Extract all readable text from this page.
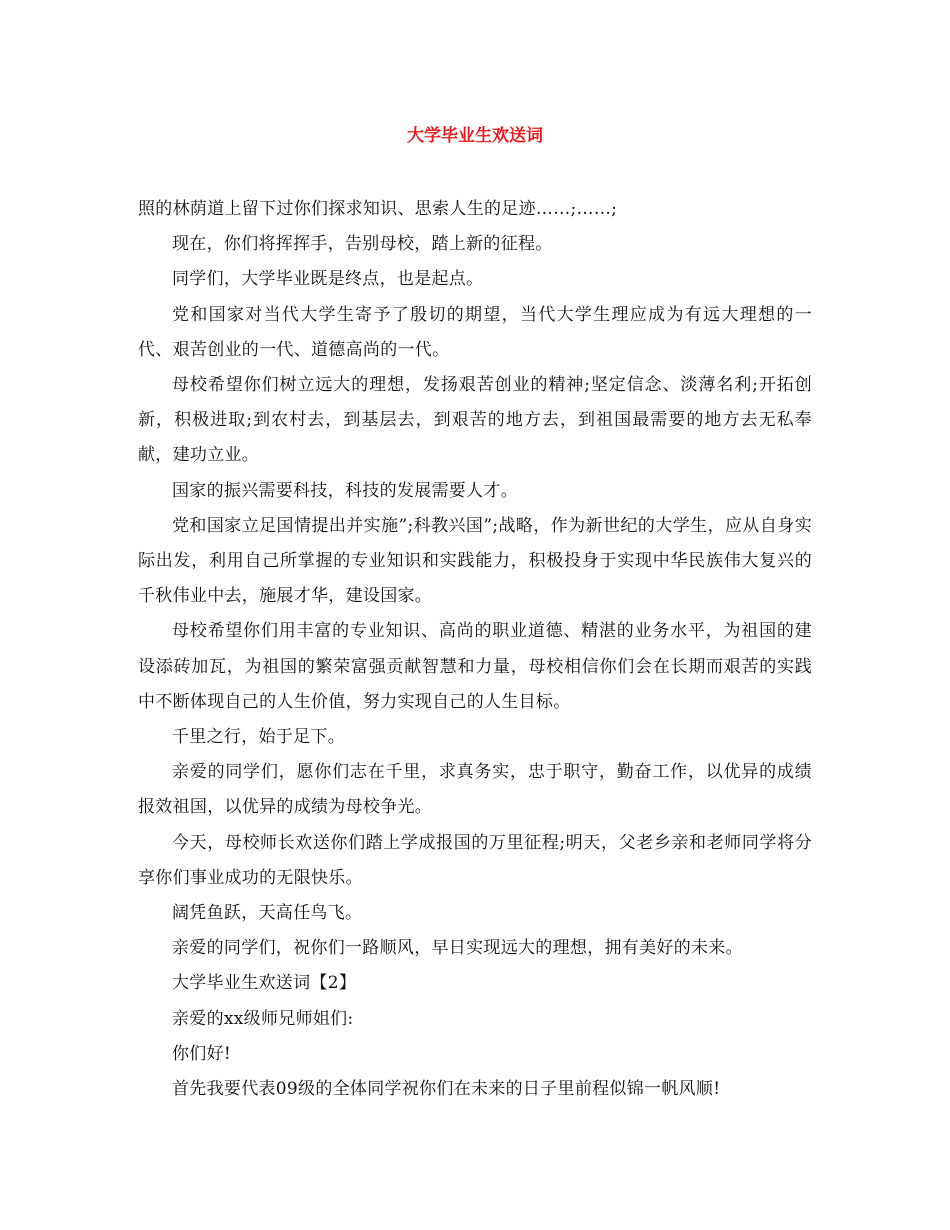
大学毕业生欢送词

照的林荫道上留下过你们探求知识、思索人生的足迹……;……;

现在，你们将挥挥手，告别母校，踏上新的征程。

同学们，大学毕业既是终点，也是起点。

党和国家对当代大学生寄予了殷切的期望，当代大学生理应成为有远大理想的一代、艰苦创业的一代、道德高尚的一代。

母校希望你们树立远大的理想，发扬艰苦创业的精神;坚定信念、淡薄名利;开拓创新，积极进取;到农村去，到基层去，到艰苦的地方去，到祖国最需要的地方去无私奉献，建功立业。

国家的振兴需要科技，科技的发展需要人才。

党和国家立足国情提出并实施”;科教兴国”;战略，作为新世纪的大学生，应从自身实际出发，利用自己所掌握的专业知识和实践能力，积极投身于实现中华民族伟大复兴的千秋伟业中去，施展才华，建设国家。

母校希望你们用丰富的专业知识、高尚的职业道德、精湛的业务水平，为祖国的建设添砖加瓦，为祖国的繁荣富强贡献智慧和力量，母校相信你们会在长期而艰苦的实践中不断体现自己的人生价值，努力实现自己的人生目标。

千里之行，始于足下。

亲爱的同学们，愿你们志在千里，求真务实，忠于职守，勤奋工作，以优异的成绩报效祖国，以优异的成绩为母校争光。

今天，母校师长欢送你们踏上学成报国的万里征程;明天，父老乡亲和老师同学将分享你们事业成功的无限快乐。

阔凭鱼跃，天高任鸟飞。

亲爱的同学们，祝你们一路顺风，早日实现远大的理想，拥有美好的未来。

大学毕业生欢送词【2】

亲爱的xx级师兄师姐们:

你们好!

首先我要代表09级的全体同学祝你们在未来的日子里前程似锦一帆风顺!
